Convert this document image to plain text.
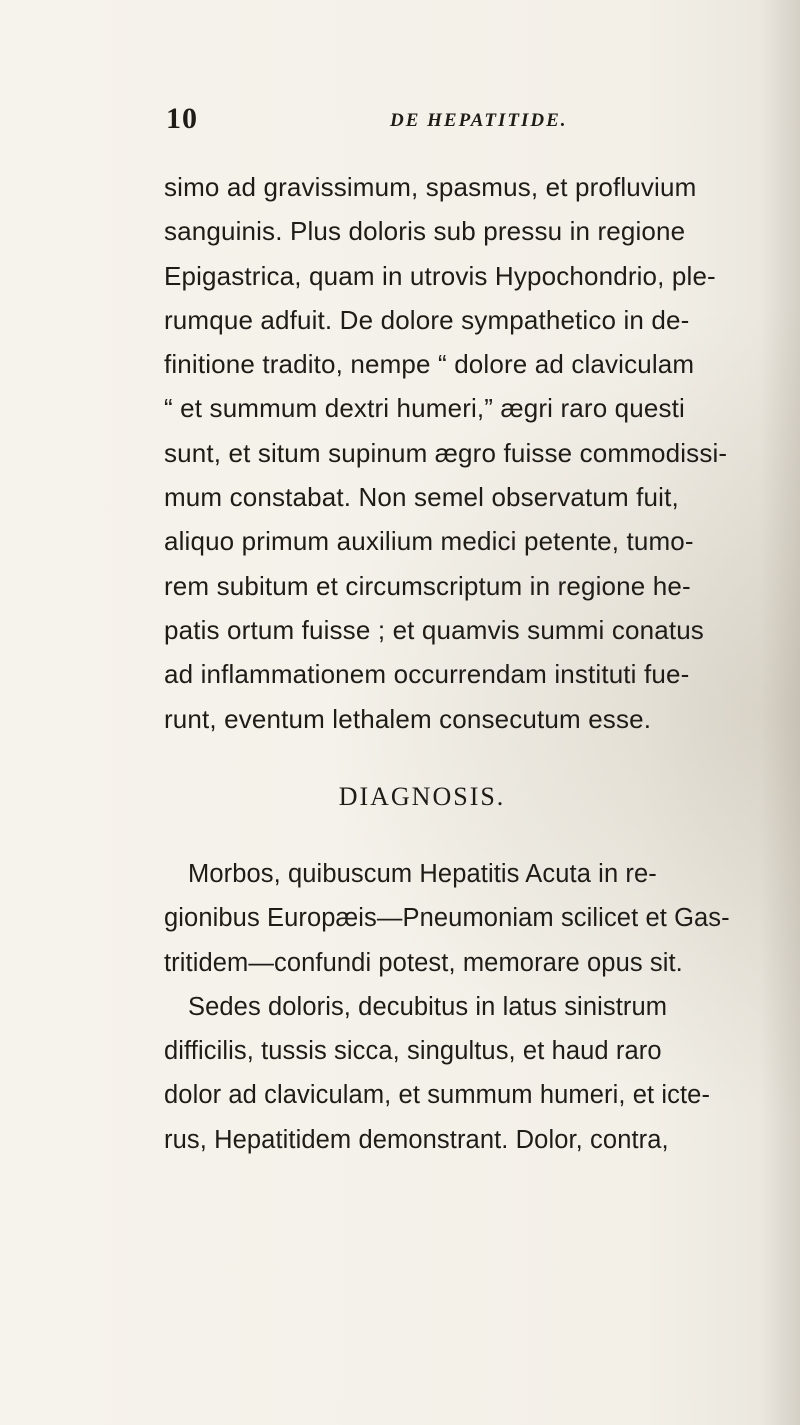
10	DE HEPATITIDE.
simo ad gravissimum, spasmus, et profluvium
sanguinis. Plus doloris sub pressu in regione
Epigastrica, quam in utrovis Hypochondrio, ple-
rumque adfuit. De dolore sympathetico in de-
finitione tradito, nempe “ dolore ad claviculam
“ et summum dextri humeri,” ægri raro questi
sunt, et situm supinum ægro fuisse commodissi-
mum constabat. Non semel observatum fuit,
aliquo primum auxilium medici petente, tumo-
rem subitum et circumscriptum in regione he-
patis ortum fuisse ; et quamvis summi conatus
ad inflammationem occurrendam instituti fue-
runt, eventum lethalem consecutum esse.
DIAGNOSIS.
Morbos, quibuscum Hepatitis Acuta in re-
gionibus Europæis—Pneumoniam scilicet et Gas-
tritidem—confundi potest, memorare opus sit.
Sedes doloris, decubitus in latus sinistrum
difficilis, tussis sicca, singultus, et haud raro
dolor ad claviculam, et summum humeri, et icte-
rus, Hepatitidem demonstrant. Dolor, contra,
